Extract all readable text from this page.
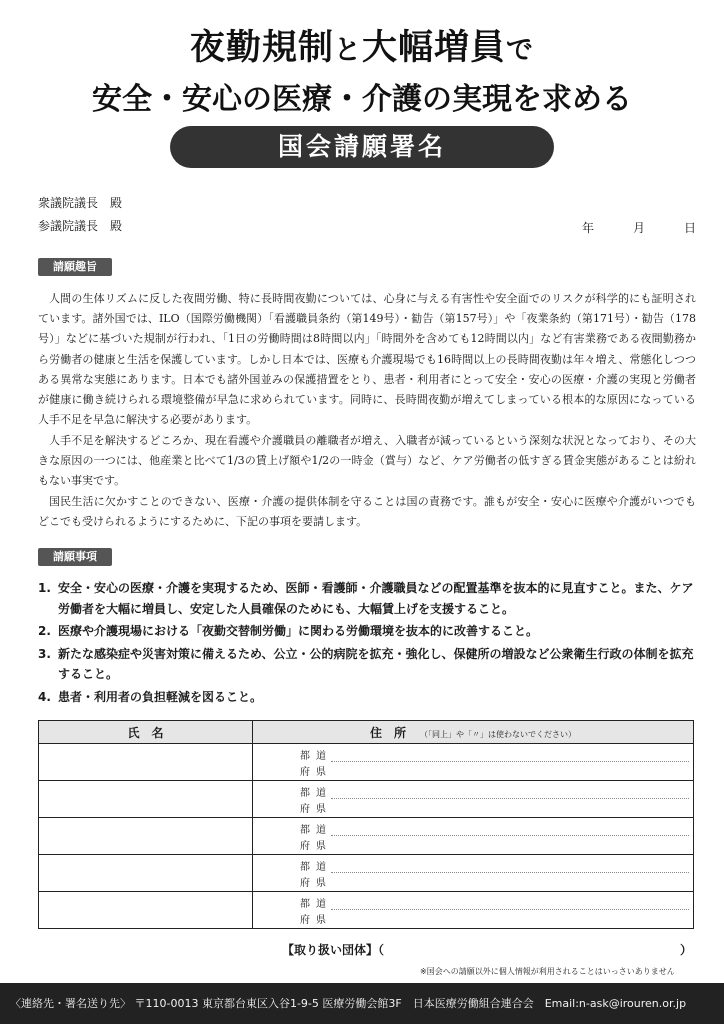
夜勤規制と大幅増員で
安全・安心の医療・介護の実現を求める
国会請願署名
衆議院議長　殿
参議院議長　殿	年	月	日
請願趣旨

人間の生体リズムに反した夜間労働、特に長時間夜勤については、心身に与える有害性や安全面でのリスクが科学的にも証明されています。諸外国では、ILO（国際労働機関）「看護職員条約（第149号）・勧告（第157号）」や「夜業条約（第171号）・勧告（178号）」などに基づいた規制が行われ、「1日の労働時間は8時間以内」「時間外を含めても12時間以内」など有害業務である夜間勤務から労働者の健康と生活を保護しています。しかし日本では、医療も介護現場でも16時間以上の長時間夜勤は年々増え、常態化しつつある異常な実態にあります。日本でも諸外国並みの保護措置をとり、患者・利用者にとって安全・安心の医療・介護の実現と労働者が健康に働き続けられる環境整備が早急に求められています。同時に、長時間夜勤が増えてしまっている根本的な原因になっている人手不足を早急に解決する必要があります。

人手不足を解決するどころか、現在看護や介護職員の離職者が増え、入職者が減っているという深刻な状況となっており、その大きな原因の一つには、他産業と比べて1/3の賃上げ額や1/2の一時金（賞与）など、ケア労働者の低すぎる賃金実態があることは紛れもない事実です。

国民生活に欠かすことのできない、医療・介護の提供体制を守ることは国の責務です。誰もが安全・安心に医療や介護がいつでもどこでも受けられるようにするために、下記の事項を要請します。

請願事項
1. 安全・安心の医療・介護を実現するため、医師・看護師・介護職員などの配置基準を抜本的に見直すこと。また、ケア労働者を大幅に増員し、安定した人員確保のためにも、大幅賃上げを支援すること。
2. 医療や介護現場における「夜勤交替制労働」に関わる労働環境を抜本的に改善すること。
3. 新たな感染症や災害対策に備えるため、公立・公的病院を拡充・強化し、保健所の増設など公衆衛生行政の体制を拡充すること。
4. 患者・利用者の負担軽減を図ること。
氏　名	住　所 （「同上」や「〃」は使わないでください）

	都道
府県

	都道
府県

	都道
府県

	都道
府県

	都道
府県
【取り扱い団体】（	）
※国会への請願以外に個人情報が利用されることはいっさいありません
〈連絡先・署名送り先〉 〒110-0013 東京都台東区入谷1-9-5 医療労働会館3F　日本医療労働組合連合会　Email:n-ask@irouren.or.jp
